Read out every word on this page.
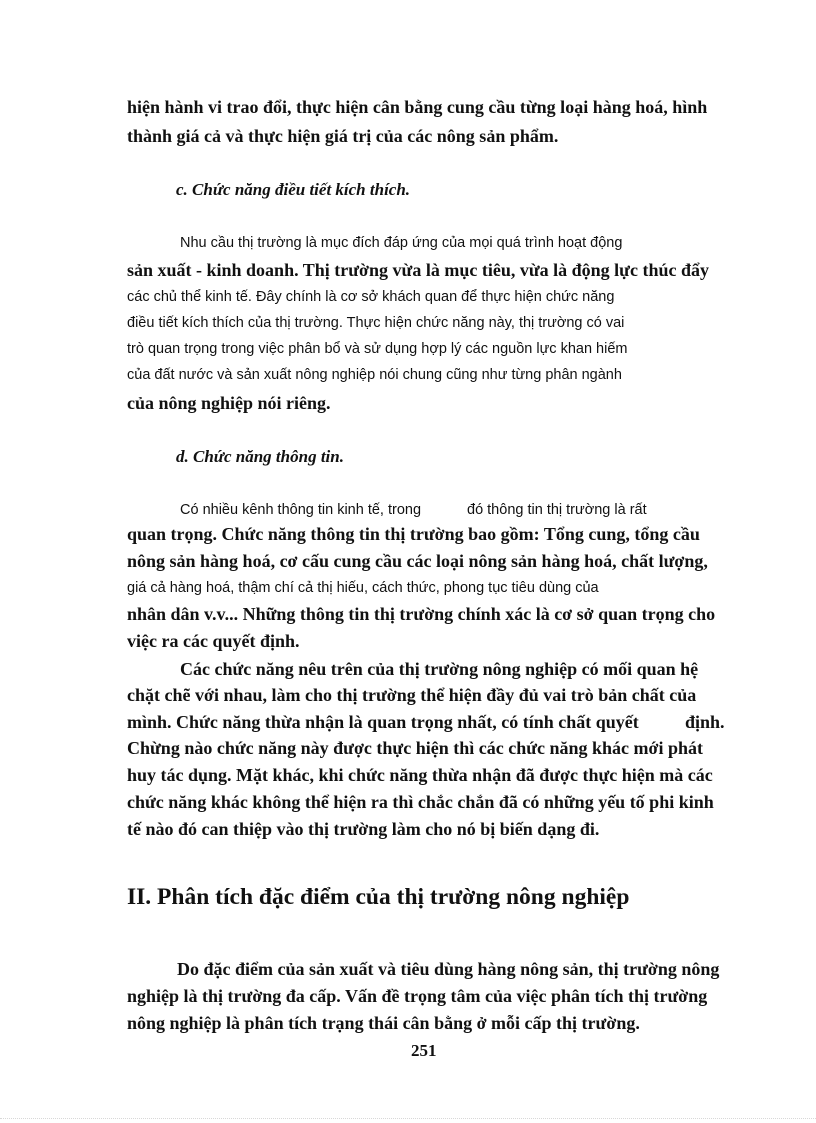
hiện hành vi trao đổi, thực hiện cân bằng cung cầu từng loại hàng hoá, hình

thành giá cả và thực hiện giá trị của các nông sản phẩm.

c. Chức năng điều tiết kích thích.

Nhu cầu thị trường là mục đích đáp ứng của mọi quá trình hoạt động

sản xuất - kinh doanh. Thị trường vừa là mục tiêu, vừa là động lực thúc đẩy

các chủ thể kinh tế. Đây chính là cơ sở khách quan để thực hiện chức năng

điều tiết kích thích của thị trường. Thực hiện chức năng này, thị trường có vai

trò quan trọng trong việc phân bổ và sử dụng hợp lý các nguồn lực khan hiếm

của đất nước và sản xuất nông nghiệp nói chung cũng như từng phân ngành

của nông nghiệp nói riêng.

d. Chức năng thông tin.

Có nhiều kênh thông tin kinh tế, trong	đó thông tin thị trường là rất

quan trọng. Chức năng thông tin thị trường bao gồm: Tổng cung, tổng cầu

nông sản hàng hoá, cơ cấu cung cầu các loại nông sản hàng hoá, chất lượng,

giá cả hàng hoá, thậm chí cả thị hiếu, cách thức, phong tục tiêu dùng của

nhân dân v.v... Những thông tin thị trường chính xác là cơ sở quan trọng cho

việc ra các quyết định.

Các chức năng nêu trên của thị trường nông nghiệp có mối quan hệ

chặt chẽ với nhau, làm cho thị trường thể hiện đầy đủ vai trò bản chất của

mình. Chức năng thừa nhận là quan trọng nhất, có tính chất quyết	định.

Chừng nào chức năng này được thực hiện thì các chức năng khác mới phát

huy tác dụng. Mặt khác, khi chức năng thừa nhận đã được thực hiện mà các

chức năng khác không thể hiện ra thì chắc chắn đã có những yếu tố phi kinh

tế nào đó can thiệp vào thị trường làm cho nó bị biến dạng đi.

II. Phân tích đặc điểm của thị trường nông nghiệp

Do đặc điểm của sản xuất và tiêu dùng hàng nông sản, thị trường nông

nghiệp là thị trường đa cấp. Vấn đề trọng tâm của việc phân tích thị trường

nông nghiệp là phân tích trạng thái cân bằng ở mỗi cấp thị trường.

251
